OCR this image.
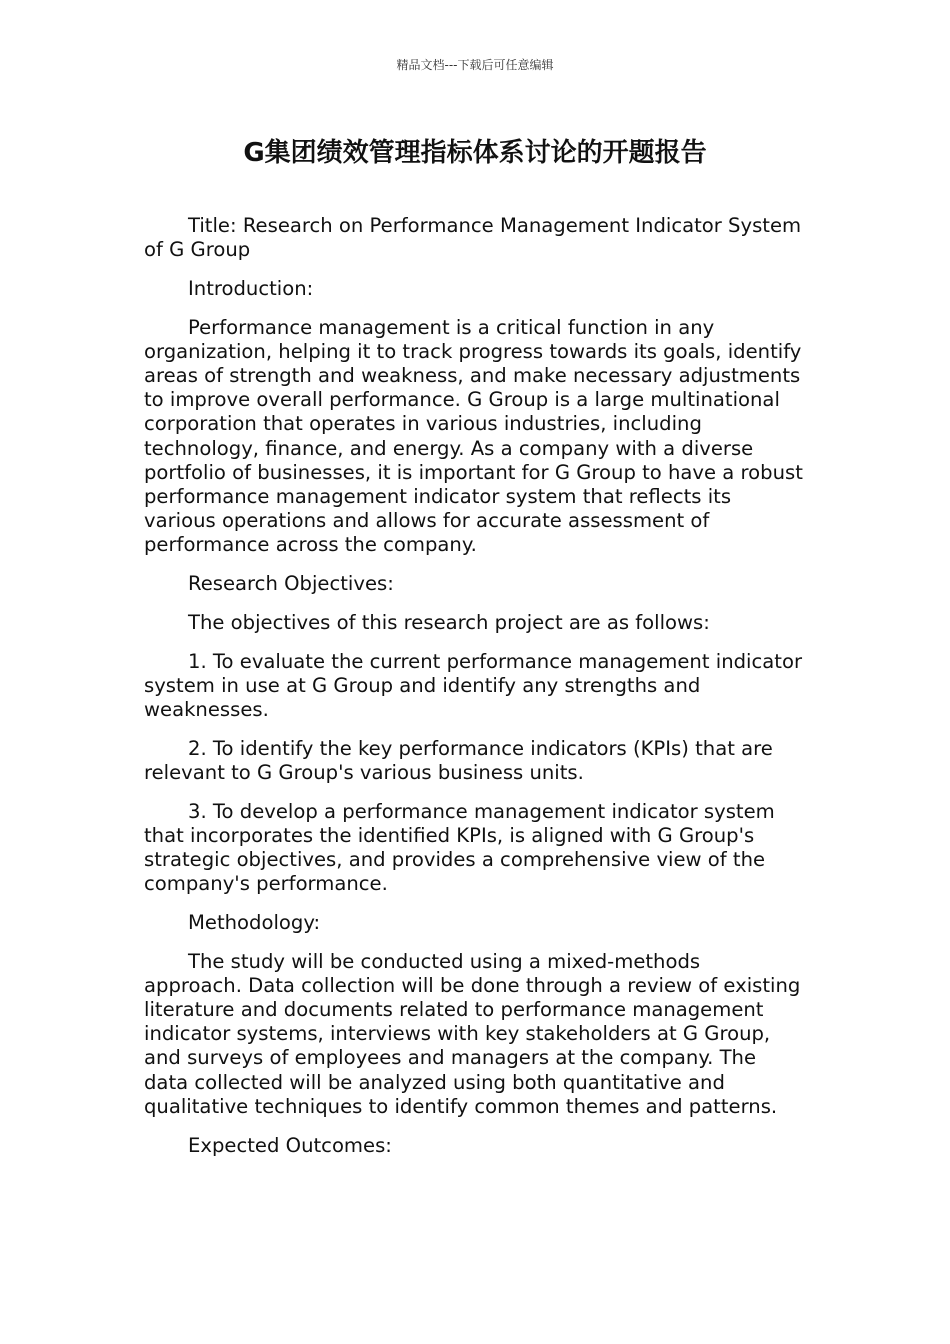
精品文档---下载后可任意编辑
G集团绩效管理指标体系讨论的开题报告

Title: Research on Performance Management Indicator System of G Group

Introduction:

Performance management is a critical function in any organization, helping it to track progress towards its goals, identify areas of strength and weakness, and make necessary adjustments to improve overall performance. G Group is a large multinational corporation that operates in various industries, including technology, finance, and energy. As a company with a diverse portfolio of businesses, it is important for G Group to have a robust performance management indicator system that reflects its various operations and allows for accurate assessment of performance across the company.

Research Objectives:

The objectives of this research project are as follows:

1. To evaluate the current performance management indicator system in use at G Group and identify any strengths and weaknesses.

2. To identify the key performance indicators (KPIs) that are relevant to G Group's various business units.

3. To develop a performance management indicator system that incorporates the identified KPIs, is aligned with G Group's strategic objectives, and provides a comprehensive view of the company's performance.

Methodology:

The study will be conducted using a mixed-methods approach. Data collection will be done through a review of existing literature and documents related to performance management indicator systems, interviews with key stakeholders at G Group, and surveys of employees and managers at the company. The data collected will be analyzed using both quantitative and qualitative techniques to identify common themes and patterns.

Expected Outcomes:
